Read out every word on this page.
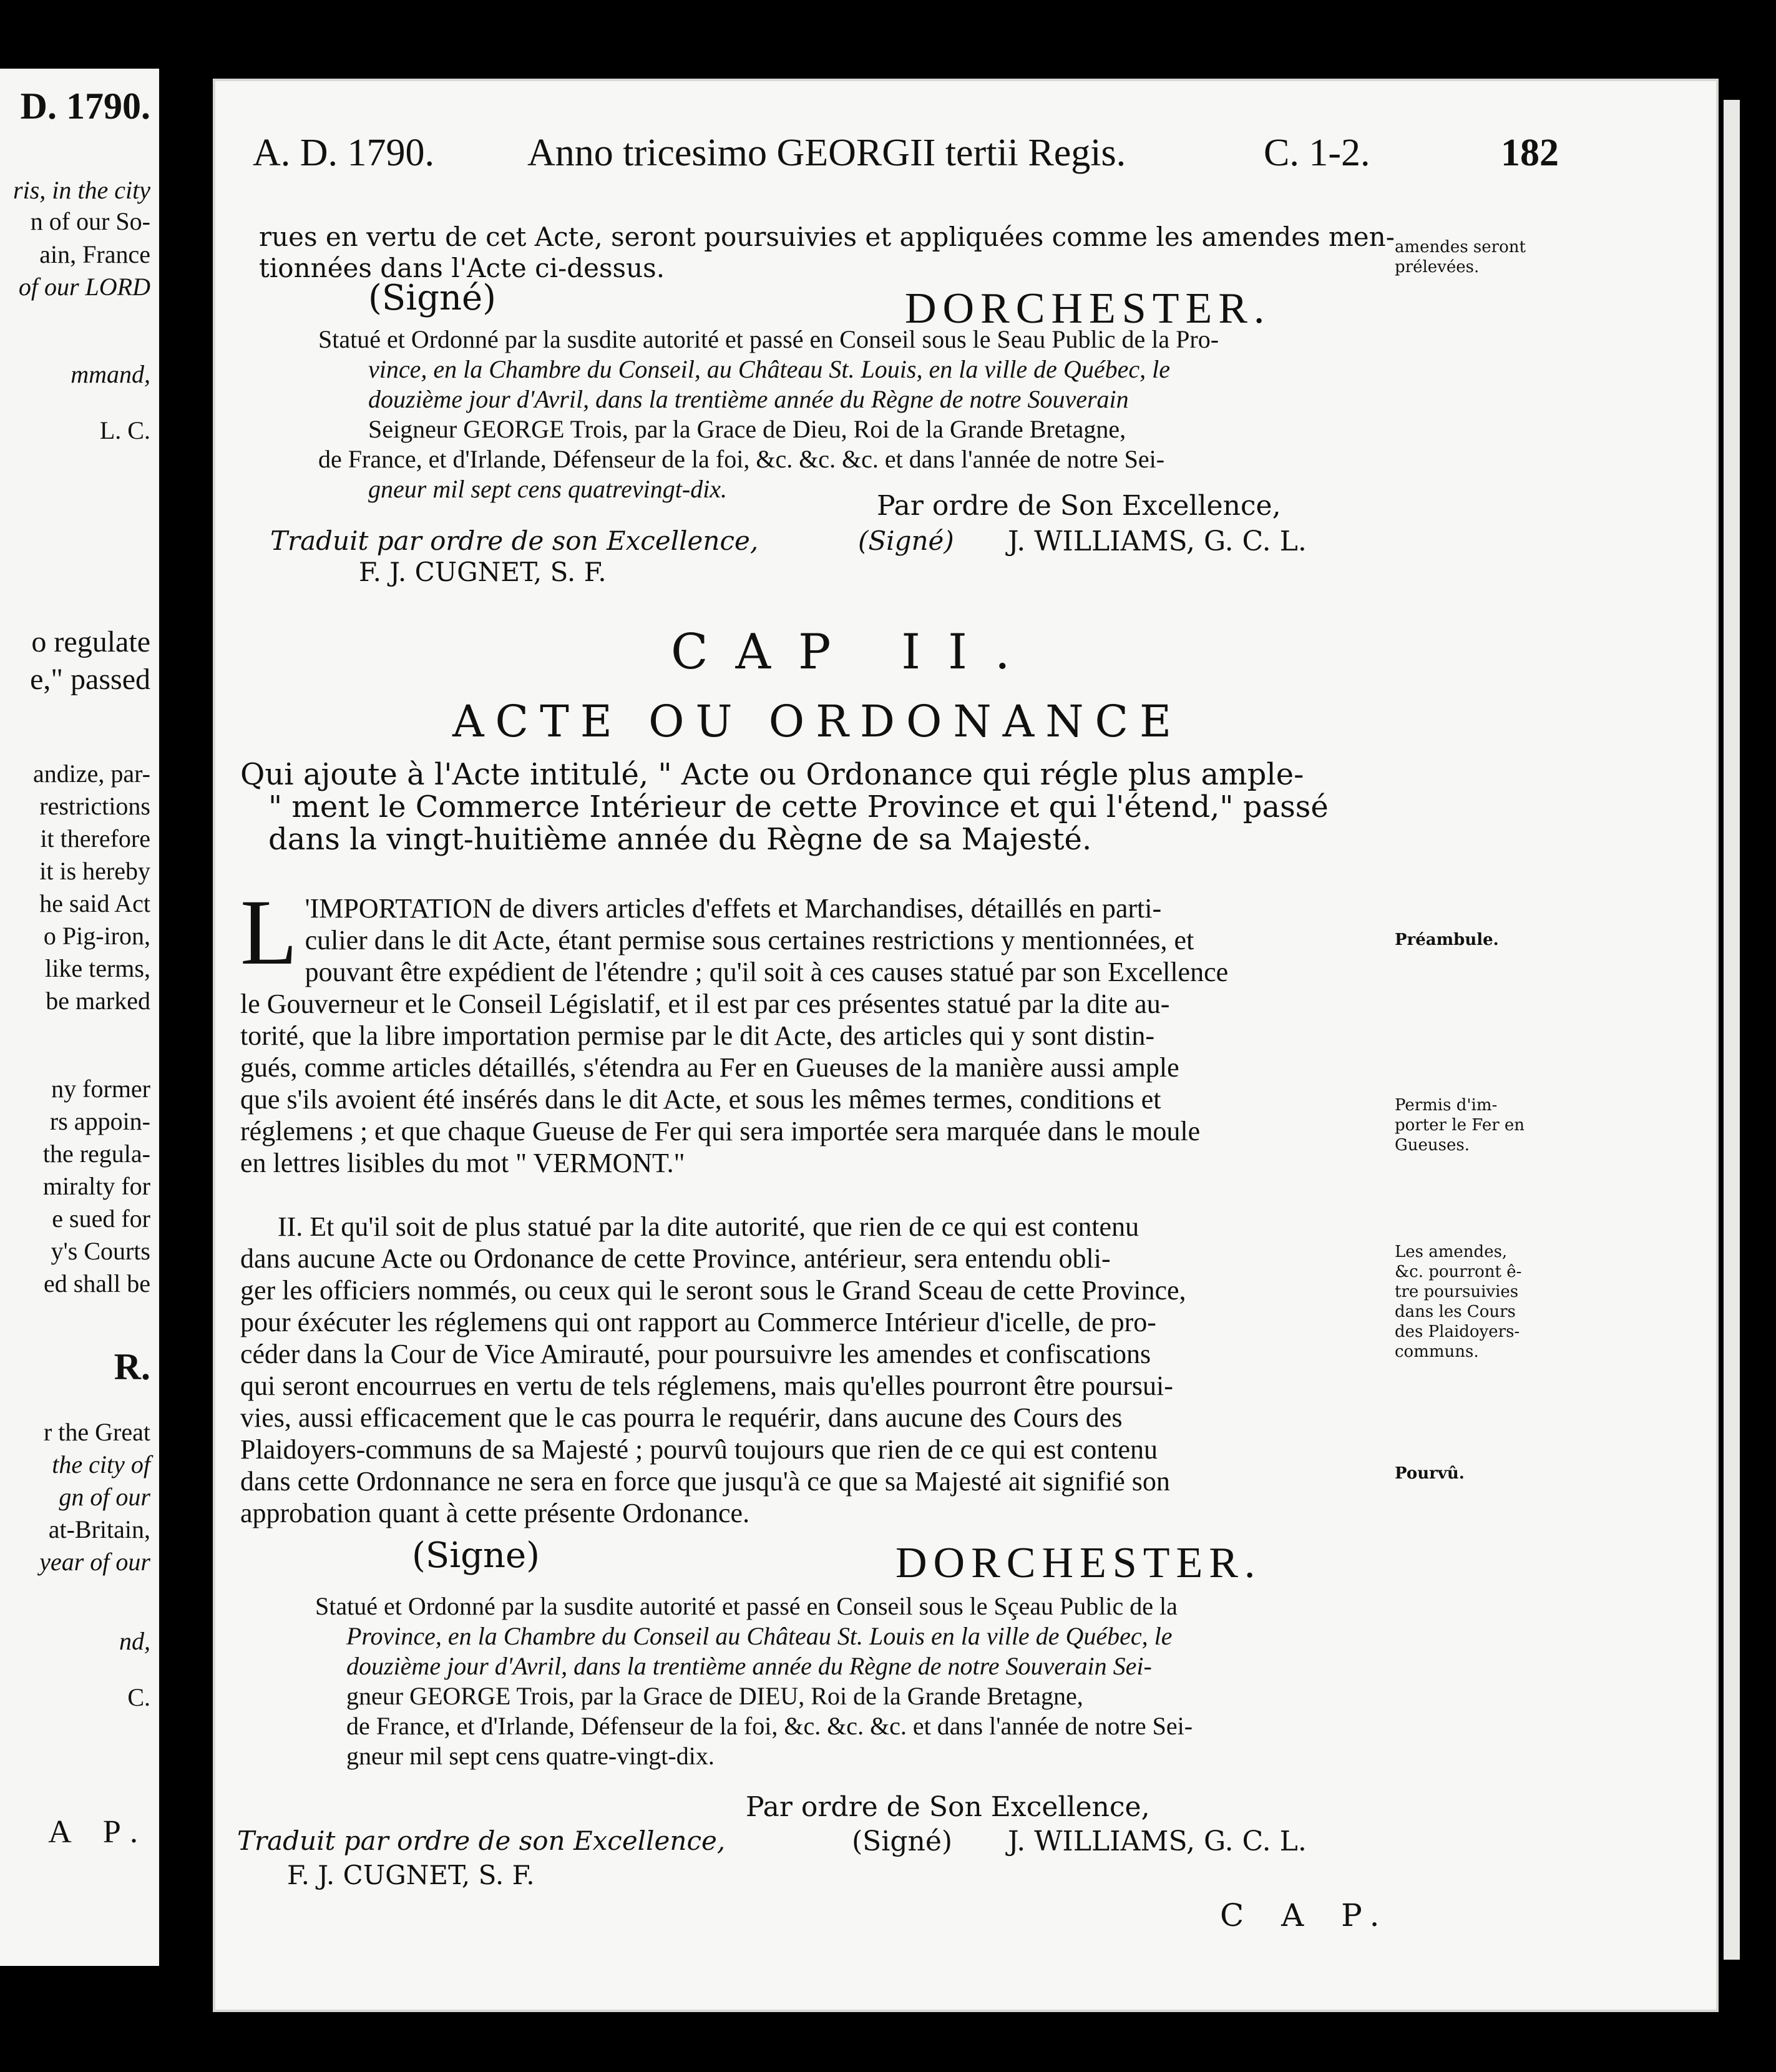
D. 1790.
ris, in the city
n of our So-
ain, France
of our LORD
mmand,
L. C.
o regulate
e," passed
andize, par-
restrictions
it therefore
it is hereby
he said Act
o Pig-iron,
like terms,
be marked
ny former
rs appoin-
the regula-
miralty for
e sued for
y's Courts
ed shall be
R.
r the Great
the city of
gn of our
at-Britain,
year of our
nd,
C.
A P.
A. D. 1790. Anno tricesimo GEORGII tertii Regis.	C. 1-2.	182
rues en vertu de cet Acte, seront poursuivies et appliquées comme les amendes men-
tionnées dans l'Acte ci-dessus.
amendes seront
prélevées.
(Signé)	DORCHESTER.
Statué et Ordonné par la susdite autorité et passé en Conseil sous le Seau Public de la Pro-
vince, en la Chambre du Conseil, au Château St. Louis, en la ville de Québec, le
douzième jour d'Avril, dans la trentième année du Règne de notre Souverain
Seigneur GEORGE Trois, par la Grace de Dieu, Roi de la Grande Bretagne,
de France, et d'Irlande, Défenseur de la foi, &c. &c. &c. et dans l'année de notre Sei-
gneur mil sept cens quatrevingt-dix.
Par ordre de Son Excellence,
Traduit par ordre de son Excellence,	(Signé) J. WILLIAMS, G. C. L.
F. J. CUGNET, S. F.
CAP II.
ACTE OU ORDONANCE
Qui ajoute à l'Acte intitulé, " Acte ou Ordonance qui régle plus ample-
" ment le Commerce Intérieur de cette Province et qui l'étend," passé
dans la vingt-huitième année du Règne de sa Majesté.
L 'IMPORTATION de divers articles d'effets et Marchandises, détaillés en parti-
culier dans le dit Acte, étant permise sous certaines restrictions y mentionnées, et
pouvant être expédient de l'étendre ; qu'il soit à ces causes statué par son Excellence
le Gouverneur et le Conseil Législatif, et il est par ces présentes statué par la dite au-
torité, que la libre importation permise par le dit Acte, des articles qui y sont distin-
gués, comme articles détaillés, s'étendra au Fer en Gueuses de la manière aussi ample
que s'ils avoient été insérés dans le dit Acte, et sous les mêmes termes, conditions et
réglemens ; et que chaque Gueuse de Fer qui sera importée sera marquée dans le moule
en lettres lisibles du mot " VERMONT."
Préambule.
Permis d'im-
porter le Fer en
Gueuses.
II. Et qu'il soit de plus statué par la dite autorité, que rien de ce qui est contenu
dans aucune Acte ou Ordonance de cette Province, antérieur, sera entendu obli-
ger les officiers nommés, ou ceux qui le seront sous le Grand Sceau de cette Province,
pour éxécuter les réglemens qui ont rapport au Commerce Intérieur d'icelle, de pro-
céder dans la Cour de Vice Amirauté, pour poursuivre les amendes et confiscations
qui seront encourrues en vertu de tels réglemens, mais qu'elles pourront être poursui-
vies, aussi efficacement que le cas pourra le requérir, dans aucune des Cours des
Plaidoyers-communs de sa Majesté ; pourvû toujours que rien de ce qui est contenu
dans cette Ordonnance ne sera en force que jusqu'à ce que sa Majesté ait signifié son
approbation quant à cette présente Ordonance.
Les amendes,
&c. pourront ê-
tre poursuivies
dans les Cours
des Plaidoyers-
communs.
Pourvû.
(Signe)	DORCHESTER.
Statué et Ordonné par la susdite autorité et passé en Conseil sous le Sçeau Public de la
Province, en la Chambre du Conseil au Château St. Louis en la ville de Québec, le
douzième jour d'Avril, dans la trentième année du Règne de notre Souverain Sei-
gneur GEORGE Trois, par la Grace de DIEU, Roi de la Grande Bretagne,
de France, et d'Irlande, Défenseur de la foi, &c. &c. &c. et dans l'année de notre Sei-
gneur mil sept cens quatre-vingt-dix.
Par ordre de Son Excellence,
Traduit par ordre de son Excellence,	(Signé) J. WILLIAMS, G. C. L.
F. J. CUGNET, S. F.
C A P.
